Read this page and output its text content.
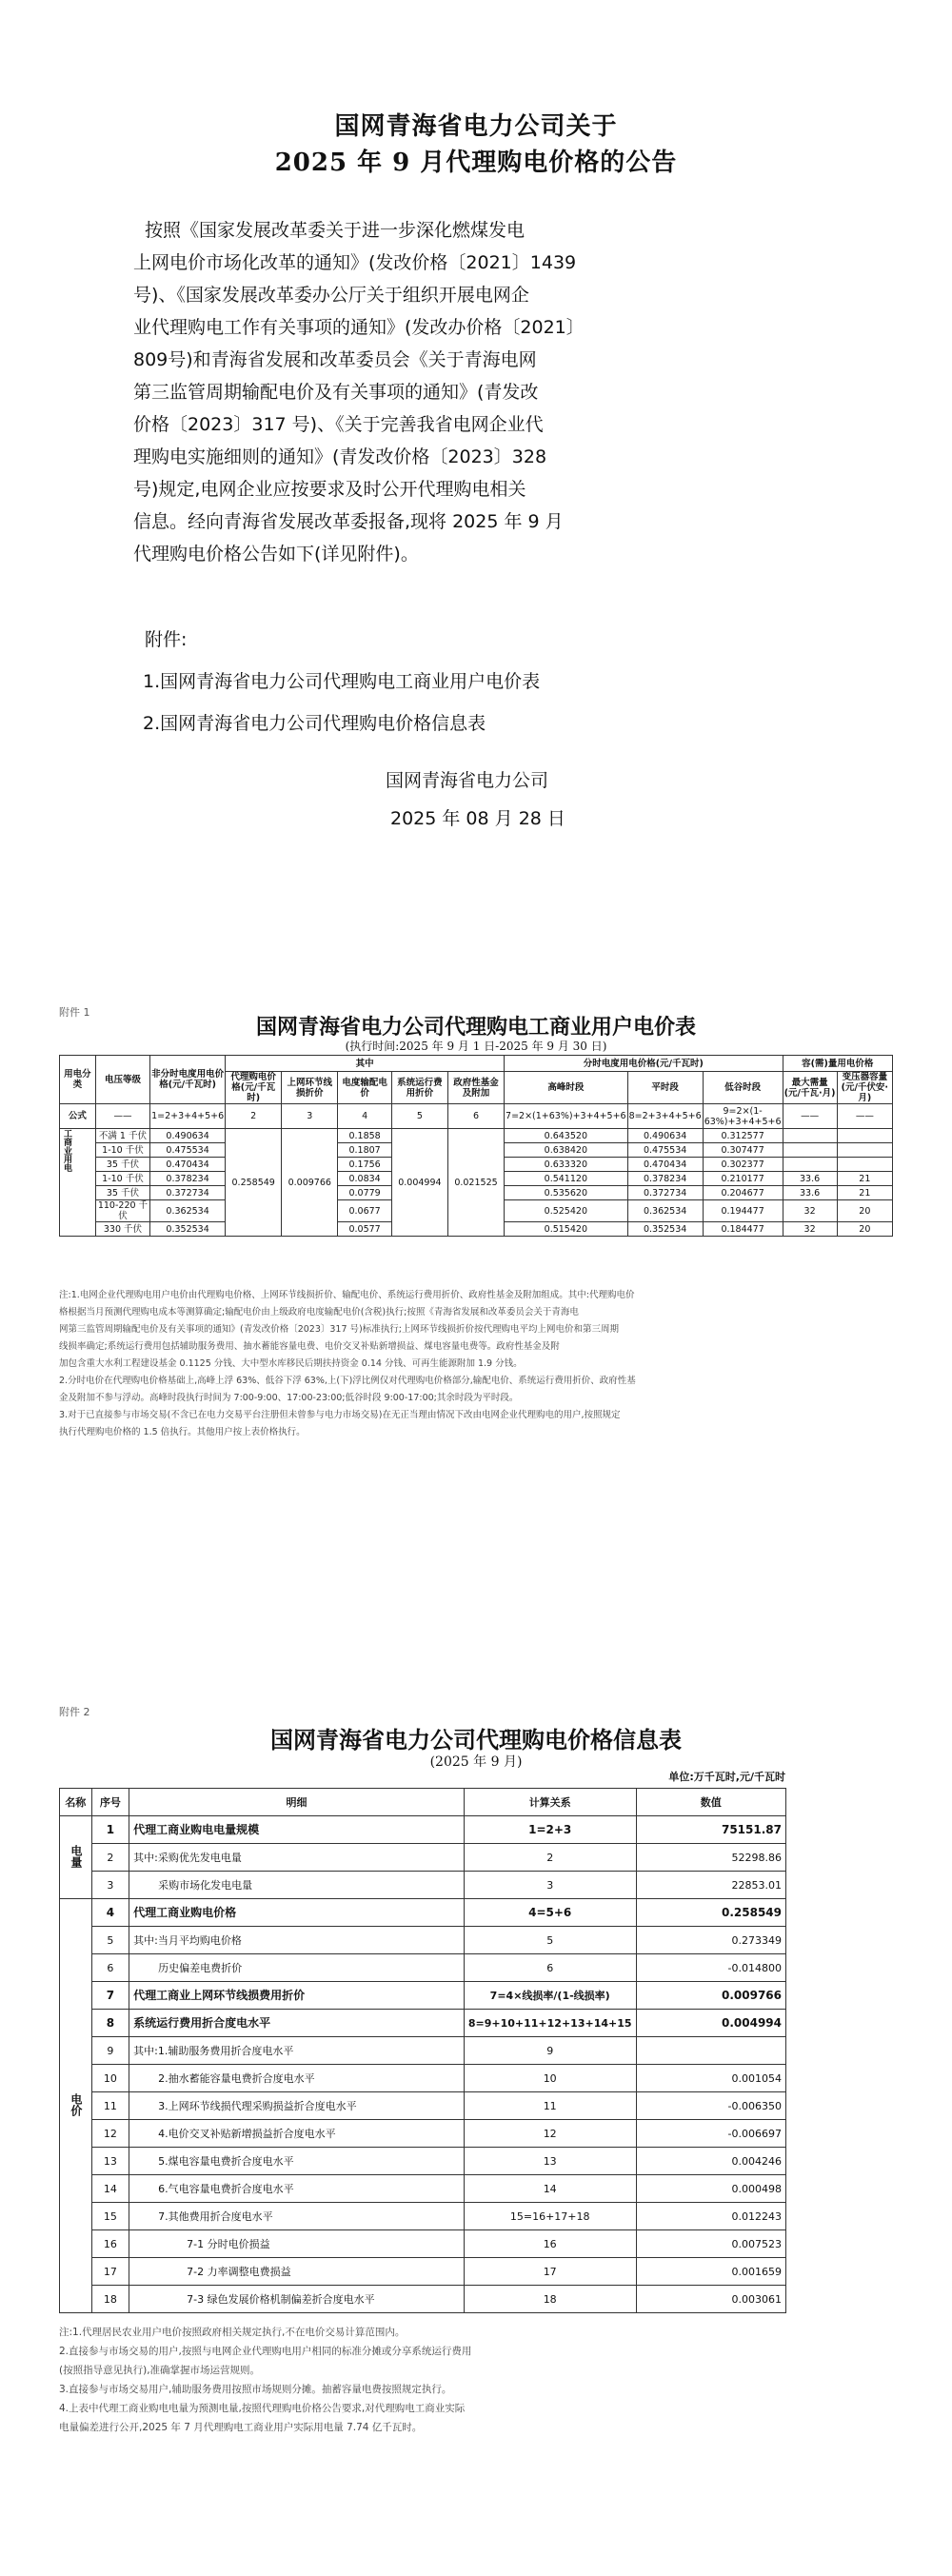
国网青海省电力公司关于
2025 年 9 月代理购电价格的公告
按照《国家发展改革委关于进一步深化燃煤发电
上网电价市场化改革的通知》(发改价格〔2021〕1439
号)、《国家发展改革委办公厅关于组织开展电网企
业代理购电工作有关事项的通知》(发改办价格〔2021〕
809号)和青海省发展和改革委员会《关于青海电网
第三监管周期输配电价及有关事项的通知》(青发改
价格〔2023〕317 号)、《关于完善我省电网企业代
理购电实施细则的通知》(青发改价格〔2023〕328
号)规定,电网企业应按要求及时公开代理购电相关
信息。经向青海省发展改革委报备,现将 2025 年 9 月
代理购电价格公告如下(详见附件)。
附件:
1.国网青海省电力公司代理购电工商业用户电价表
2.国网青海省电力公司代理购电价格信息表
国网青海省电力公司
2025 年 08 月 28 日
附件 1
国网青海省电力公司代理购电工商业用户电价表
(执行时间:2025 年 9 月 1 日-2025 年 9 月 30 日)
用电分类	电压等级	非分时电度用电价格(元/千瓦时)	其中					分时电度用电价格(元/千瓦时)			容(需)量用电价格	
			代理购电价格(元/千瓦时)	上网环节线损折价	电度输配电价	系统运行费用折价	政府性基金及附加	高峰时段	平时段	低谷时段	最大需量(元/千瓦·月)	变压器容量(元/千伏安·月)
公式	——	1=2+3+4+5+6	2	3	4	5	6	7=2×(1+63%)+3+4+5+6	8=2+3+4+5+6	9=2×(1-63%)+3+4+5+6	——	——

工商业用电	不满 1 千伏	0.490634	0.258549	0.009766	0.1858	0.004994	0.021525	0.643520	0.490634	0.312577		
	1-10 千伏	0.475534			0.1807			0.638420	0.475534	0.307477		
	35 千伏	0.470434			0.1756			0.633320	0.470434	0.302377		
	1-10 千伏	0.378234			0.0834			0.541120	0.378234	0.210177	33.6	21
	35 千伏	0.372734			0.0779			0.535620	0.372734	0.204677	33.6	21
	110-220 千伏	0.362534			0.0677			0.525420	0.362534	0.194477	32	20
	330 千伏	0.352534			0.0577			0.515420	0.352534	0.184477	32	20
注:1.电网企业代理购电用户电价由代理购电价格、上网环节线损折价、输配电价、系统运行费用折价、政府性基金及附加组成。其中:代理购电价
格根据当月预测代理购电成本等测算确定;输配电价由上级政府电度输配电价(含税)执行;按照《青海省发展和改革委员会关于青海电
网第三监管周期输配电价及有关事项的通知》(青发改价格〔2023〕317 号)标准执行;上网环节线损折价按代理购电平均上网电价和第三周期
线损率确定;系统运行费用包括辅助服务费用、抽水蓄能容量电费、电价交叉补贴新增损益、煤电容量电费等。政府性基金及附
加包含重大水利工程建设基金 0.1125 分钱、大中型水库移民后期扶持资金 0.14 分钱、可再生能源附加 1.9 分钱。
2.分时电价在代理购电价格基础上,高峰上浮 63%、低谷下浮 63%,上(下)浮比例仅对代理购电价格部分,输配电价、系统运行费用折价、政府性基
金及附加不参与浮动。高峰时段执行时间为 7:00-9:00、17:00-23:00;低谷时段 9:00-17:00;其余时段为平时段。
3.对于已直接参与市场交易(不含已在电力交易平台注册但未曾参与电力市场交易)在无正当理由情况下改由电网企业代理购电的用户,按照规定
执行代理购电价格的 1.5 倍执行。其他用户按上表价格执行。
附件 2
国网青海省电力公司代理购电价格信息表
(2025 年 9 月)
单位:万千瓦时,元/千瓦时
名称	序号	明细	计算关系	数值
电量	1	代理工商业购电电量规模	1=2+3	75151.87
	2	其中:采购优先发电电量	2	52298.86
	3	采购市场化发电电量	3	22853.01
电价	4	代理工商业购电价格	4=5+6	0.258549
	5	其中:当月平均购电价格	5	0.273349
	6	历史偏差电费折价	6	-0.014800
	7	代理工商业上网环节线损费用折价	7=4×线损率/(1-线损率)	0.009766
	8	系统运行费用折合度电水平	8=9+10+11+12+13+14+15	0.004994
	9	其中:1.辅助服务费用折合度电水平	9	
	10	2.抽水蓄能容量电费折合度电水平	10	0.001054
	11	3.上网环节线损代理采购损益折合度电水平	11	-0.006350
	12	4.电价交叉补贴新增损益折合度电水平	12	-0.006697
	13	5.煤电容量电费折合度电水平	13	0.004246
	14	6.气电容量电费折合度电水平	14	0.000498
	15	7.其他费用折合度电水平	15=16+17+18	0.012243
	16	7-1 分时电价损益	16	0.007523
	17	7-2 力率调整电费损益	17	0.001659
	18	7-3 绿色发展价格机制偏差折合度电水平	18	0.003061
注:1.代理居民农业用户电价按照政府相关规定执行,不在电价交易计算范围内。
2.直接参与市场交易的用户,按照与电网企业代理购电用户相同的标准分摊或分享系统运行费用
(按照指导意见执行),准确掌握市场运营规则。
3.直接参与市场交易用户,辅助服务费用按照市场规则分摊。抽蓄容量电费按照规定执行。
4.上表中代理工商业购电电量为预测电量,按照代理购电价格公告要求,对代理购电工商业实际
电量偏差进行公开,2025 年 7 月代理购电工商业用户实际用电量 7.74 亿千瓦时。
